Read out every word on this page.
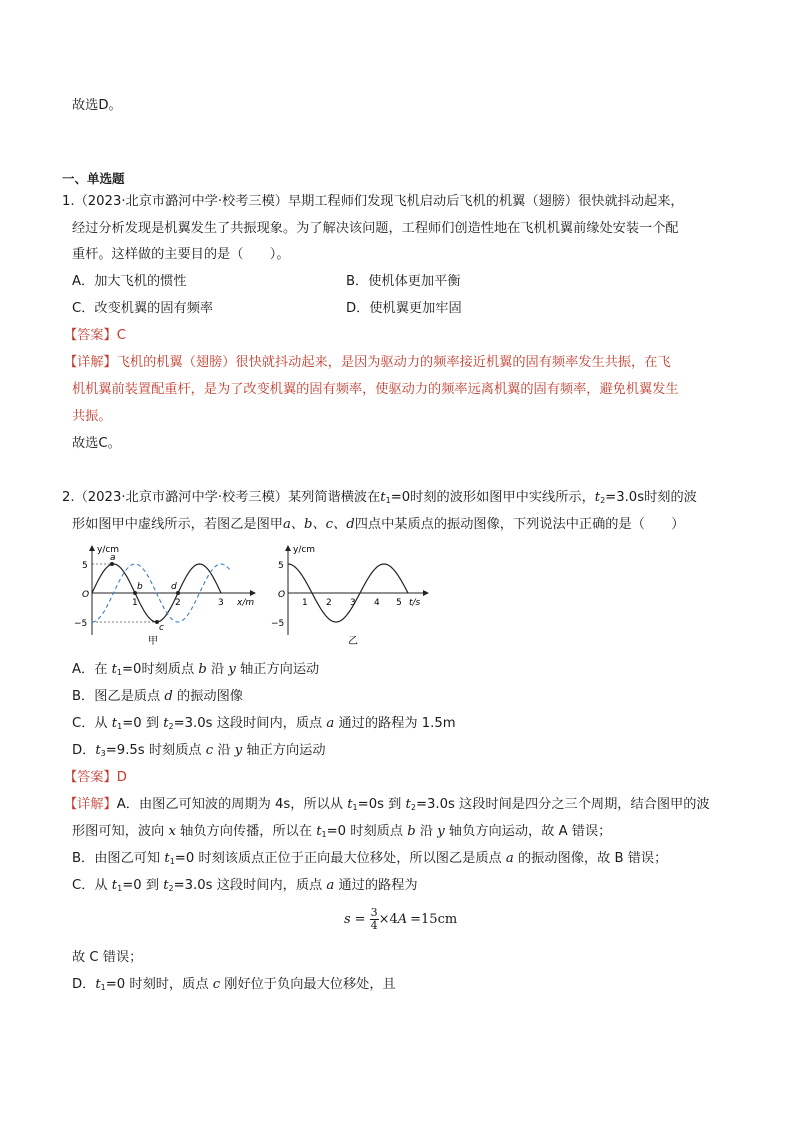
故选D。
一、单选题
1.（2023·北京市潞河中学·校考三模）早期工程师们发现飞机启动后飞机的机翼（翅膀）很快就抖动起来，
经过分析发现是机翼发生了共振现象。为了解决该问题，工程师们创造性地在飞机机翼前缘处安装一个配
重杆。这样做的主要目的是（　　）。
A．加大飞机的惯性	B．使机体更加平衡
C．改变机翼的固有频率	D．使机翼更加牢固
【答案】C
【详解】飞机的机翼（翅膀）很快就抖动起来，是因为驱动力的频率接近机翼的固有频率发生共振，在飞
机机翼前装置配重杆，是为了改变机翼的固有频率，使驱动力的频率远离机翼的固有频率，避免机翼发生
共振。
故选C。
2.（2023·北京市潞河中学·校考三模）某列简谐横波在$t_1=0$时刻的波形如图甲中实线所示，$t_2=3.0s$时刻的波
形如图甲中虚线所示，若图乙是图甲a、b、c、d四点中某质点的振动图像，下列说法中正确的是（　　）
y/cm
5
−5
O
1	2	3 x/m
a
b
c
d
甲
y/cm
5
−5
O
1 2 3 4 5 t/s
乙
A．在 $t_1=0$时刻质点 b 沿 y 轴正方向运动
B．图乙是质点 d 的振动图像
C．从 $t_1=0$ 到 $t_2=3.0s$ 这段时间内，质点 a 通过的路程为 1.5m
D．$t_3=9.5s$ 时刻质点 c 沿 y 轴正方向运动
【答案】D
【详解】A．由图乙可知波的周期为 4s，所以从 $t_1=0s$ 到 $t_2=3.0s$ 这段时间是四分之三个周期，结合图甲的波
形图可知，波向 x 轴负方向传播，所以在 $t_1=0$ 时刻质点 b 沿 y 轴负方向运动，故 A 错误；
B．由图乙可知 $t_1=0$ 时刻该质点正位于正向最大位移处，所以图乙是质点 a 的振动图像，故 B 错误；
C．从 $t_1=0$ 到 $t_2=3.0s$ 这段时间内，质点 a 通过的路程为
s = 3
4 ×4 A =15cm
故 C 错误；
D．$t_1=0$ 时刻时，质点 c 刚好位于负向最大位移处，且
